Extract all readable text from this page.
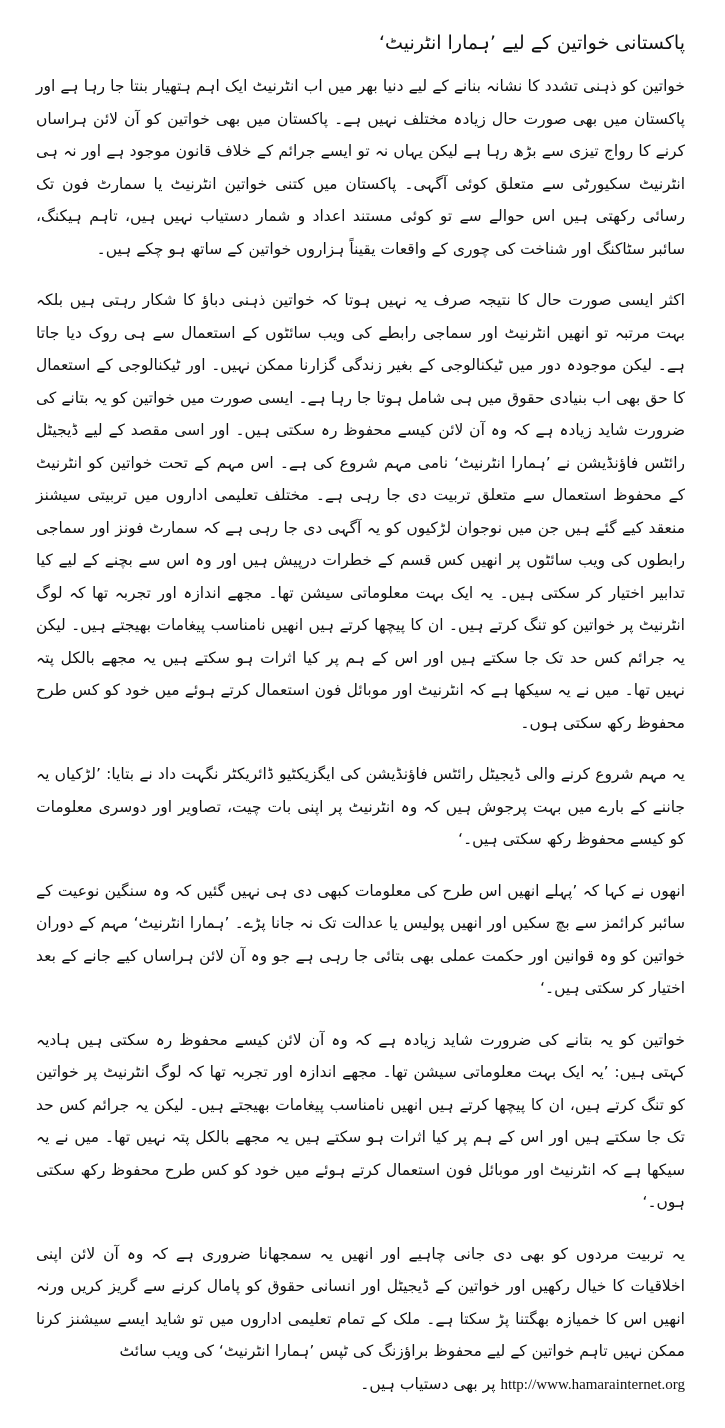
پاکستانی خواتین کے لیے ’ہمارا انٹرنیٹ‘

خواتین کو ذہنی تشدد کا نشانہ بنانے کے لیے دنیا بھر میں اب انٹرنیٹ ایک اہم ہتھیار بنتا جا رہا ہے اور پاکستان میں بھی صورت حال زیادہ مختلف نہیں ہے۔ پاکستان میں بھی خواتین کو آن لائن ہراساں کرنے کا رواج تیزی سے بڑھ رہا ہے لیکن یہاں نہ تو ایسے جرائم کے خلاف قانون موجود ہے اور نہ ہی انٹرنیٹ سکیورٹی سے متعلق کوئی آگہی۔ پاکستان میں کتنی خواتین انٹرنیٹ یا سمارٹ فون تک رسائی رکھتی ہیں اس حوالے سے تو کوئی مستند اعداد و شمار دستیاب نہیں ہیں، تاہم ہیکنگ، سائبر سٹاکنگ اور شناخت کی چوری کے واقعات یقیناً ہزاروں خواتین کے ساتھ ہو چکے ہیں۔

اکثر ایسی صورت حال کا نتیجہ صرف یہ نہیں ہوتا کہ خواتین ذہنی دباؤ کا شکار رہتی ہیں بلکہ بہت مرتبہ تو انھیں انٹرنیٹ اور سماجی رابطے کی ویب سائٹوں کے استعمال سے ہی روک دیا جاتا ہے۔ لیکن موجودہ دور میں ٹیکنالوجی کے بغیر زندگی گزارنا ممکن نہیں۔ اور ٹیکنالوجی کے استعمال کا حق بھی اب بنیادی حقوق میں ہی شامل ہوتا جا رہا ہے۔ ایسی صورت میں خواتین کو یہ بتانے کی ضرورت شاید زیادہ ہے کہ وہ آن لائن کیسے محفوظ رہ سکتی ہیں۔ اور اسی مقصد کے لیے ڈیجیٹل رائٹس فاؤنڈیشن نے ’ہمارا انٹرنیٹ‘ نامی مہم شروع کی ہے۔ اس مہم کے تحت خواتین کو انٹرنیٹ کے محفوظ استعمال سے متعلق تربیت دی جا رہی ہے۔ مختلف تعلیمی اداروں میں تربیتی سیشنز منعقد کیے گئے ہیں جن میں نوجوان لڑکیوں کو یہ آگہی دی جا رہی ہے کہ سمارٹ فونز اور سماجی رابطوں کی ویب سائٹوں پر انھیں کس قسم کے خطرات درپیش ہیں اور وہ اس سے بچنے کے لیے کیا تدابیر اختیار کر سکتی ہیں۔ یہ ایک بہت معلوماتی سیشن تھا۔ مجھے اندازہ اور تجربہ تھا کہ لوگ انٹرنیٹ پر خواتین کو تنگ کرتے ہیں۔ ان کا پیچھا کرتے ہیں انھیں نامناسب پیغامات بھیجتے ہیں۔ لیکن یہ جرائم کس حد تک جا سکتے ہیں اور اس کے ہم پر کیا اثرات ہو سکتے ہیں یہ مجھے بالکل پتہ نہیں تھا۔ میں نے یہ سیکھا ہے کہ انٹرنیٹ اور موبائل فون استعمال کرتے ہوئے میں خود کو کس طرح محفوظ رکھ سکتی ہوں۔

یہ مہم شروع کرنے والی ڈیجیٹل رائٹس فاؤنڈیشن کی ایگزیکٹیو ڈائریکٹر نگہت داد نے بتایا: ’لڑکیاں یہ جاننے کے بارے میں بہت پرجوش ہیں کہ وہ انٹرنیٹ پر اپنی بات چیت، تصاویر اور دوسری معلومات کو کیسے محفوظ رکھ سکتی ہیں۔‘

انھوں نے کہا کہ ’پہلے انھیں اس طرح کی معلومات کبھی دی ہی نہیں گئیں کہ وہ سنگین نوعیت کے سائبر کرائمز سے بچ سکیں اور انھیں پولیس یا عدالت تک نہ جانا پڑے۔ ’ہمارا انٹرنیٹ‘ مہم کے دوران خواتین کو وہ قوانین اور حکمت عملی بھی بتائی جا رہی ہے جو وہ آن لائن ہراساں کیے جانے کے بعد اختیار کر سکتی ہیں۔‘

خواتین کو یہ بتانے کی ضرورت شاید زیادہ ہے کہ وہ آن لائن کیسے محفوظ رہ سکتی ہیں ہادیہ کہتی ہیں: ’یہ ایک بہت معلوماتی سیشن تھا۔ مجھے اندازہ اور تجربہ تھا کہ لوگ انٹرنیٹ پر خواتین کو تنگ کرتے ہیں، ان کا پیچھا کرتے ہیں انھیں نامناسب پیغامات بھیجتے ہیں۔ لیکن یہ جرائم کس حد تک جا سکتے ہیں اور اس کے ہم پر کیا اثرات ہو سکتے ہیں یہ مجھے بالکل پتہ نہیں تھا۔ میں نے یہ سیکھا ہے کہ انٹرنیٹ اور موبائل فون استعمال کرتے ہوئے میں خود کو کس طرح محفوظ رکھ سکتی ہوں۔‘

یہ تربیت مردوں کو بھی دی جانی چاہیے اور انھیں یہ سمجھانا ضروری ہے کہ وہ آن لائن اپنی اخلاقیات کا خیال رکھیں اور خواتین کے ڈیجیٹل اور انسانی حقوق کو پامال کرنے سے گریز کریں ورنہ انھیں اس کا خمیازہ بھگتنا پڑ سکتا ہے۔ ملک کے تمام تعلیمی اداروں میں تو شاید ایسے سیشنز کرنا ممکن نہیں تاہم خواتین کے لیے محفوظ براؤزنگ کی ٹپس ’ہمارا انٹرنیٹ‘ کی ویب سائٹ

http://www.hamarainternet.org پر بھی دستیاب ہیں۔
